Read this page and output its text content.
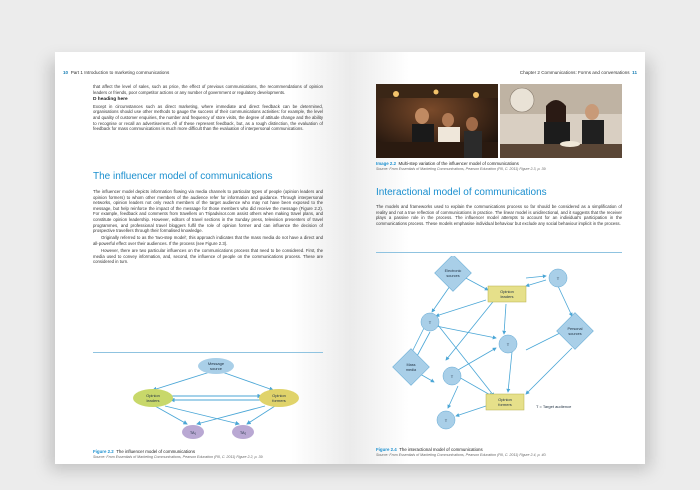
10 Part 1 Introduction to marketing communications

that affect the level of sales, such as price, the effect of previous communications, the recommendations of opinion leaders or friends, poor competitor actions or any number of government or regulatory developments.

D heading here

Except in circumstances such as direct marketing, where immediate and direct feedback can be determined, organisations should use other methods to gauge the success of their communications activities: for example, the level and quality of customer enquiries, the number and frequency of store visits, the degree of attitude change and the ability to recognise or recall an advertisement. All of these represent feedback, but, as a rough distinction, the evaluation of feedback for mass communications is much more difficult than the evaluation of interpersonal communications.

The influencer model of communications

The influencer model depicts information flowing via media channels to particular types of people (opinion leaders and opinion formers) to whom other members of the audience refer for information and guidance. Through interpersonal networks, opinion leaders not only reach members of the target audience who may not have been exposed to the message, but help reinforce the impact of the message for those members who did receive the message (Figure 2.2). For example, feedback and comments from travellers on Tripadvisor.com assist others when making travel plans, and constitute opinion leadership. However, editors of travel sections in the Sunday press, television presenters of travel programmes, and professional travel bloggers fulfil the role of opinion former and can influence the decision of prospective travellers through their formalised knowledge.

Originally referred to as the 'two-step model', this approach indicates that the mass media do not have a direct and all-powerful effect over their audiences. If the process (see Figure 2.3).

However, there are two particular influences on the communications process that need to be considered. First, the media used to convey information, and, second, the influence of people on the communications process. These are considered in turn.

Message
source
Opinion
leaders
Opinion
formers
TA₁	TA₂
Figure 2.2 The influencer model of communications
Source: From Essentials of Marketing Communications, Pearson Education (Fill, C. 2011) Figure 2.2, p. 39.
Chapter 2 Communications: Forms and conversations 11
Image 2.2 Multi-step variation of the influencer model of communications
Source: From Essentials of Marketing Communications, Pearson Education (Fill, C. 2011) Figure 2.3, p. 39.
Interactional model of communications

The models and frameworks used to explain the communications process so far should be considered as a simplification of reality and not a true reflection of communications in practice. The linear model is unidirectional, and it suggests that the receiver plays a passive role in the process. The influencer model attempts to account for an individual's participation in the communications process. These models emphasise individual behaviour but exclude any social behaviour implicit in the process.

Electronic
sources	T
Opinion
leaders
T
Personal
sources
T
Mass
media
T
Opinion
formers
T
T = Target audience
Figure 2.4 The interactional model of communications
Source: From Essentials of Marketing Communications, Pearson Education (Fill, C. 2011) Figure 2.4, p. 40.
